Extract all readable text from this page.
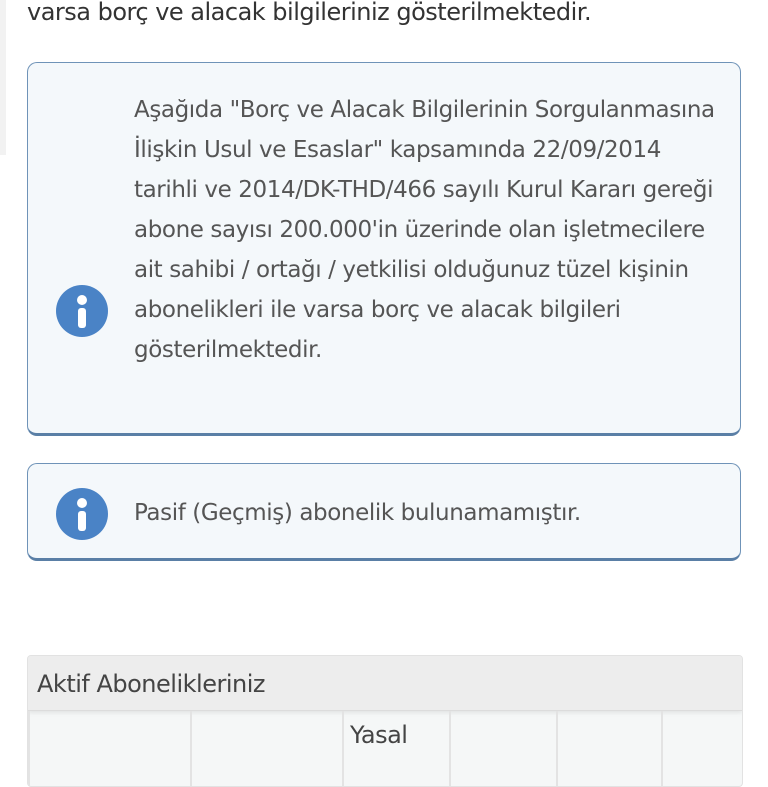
varsa borç ve alacak bilgileriniz gösterilmektedir.
Aşağıda "Borç ve Alacak Bilgilerinin Sorgulanmasına İlişkin Usul ve Esaslar" kapsamında 22/09/2014 tarihli ve 2014/DK-THD/466 sayılı Kurul Kararı gereği abone sayısı 200.000'in üzerinde olan işletmecilere ait sahibi / ortağı / yetkilisi olduğunuz tüzel kişinin abonelikleri ile varsa borç ve alacak bilgileri gösterilmektedir.
Pasif (Geçmiş) abonelik bulunamamıştır.
Aktif Abonelikleriniz
Yasal
